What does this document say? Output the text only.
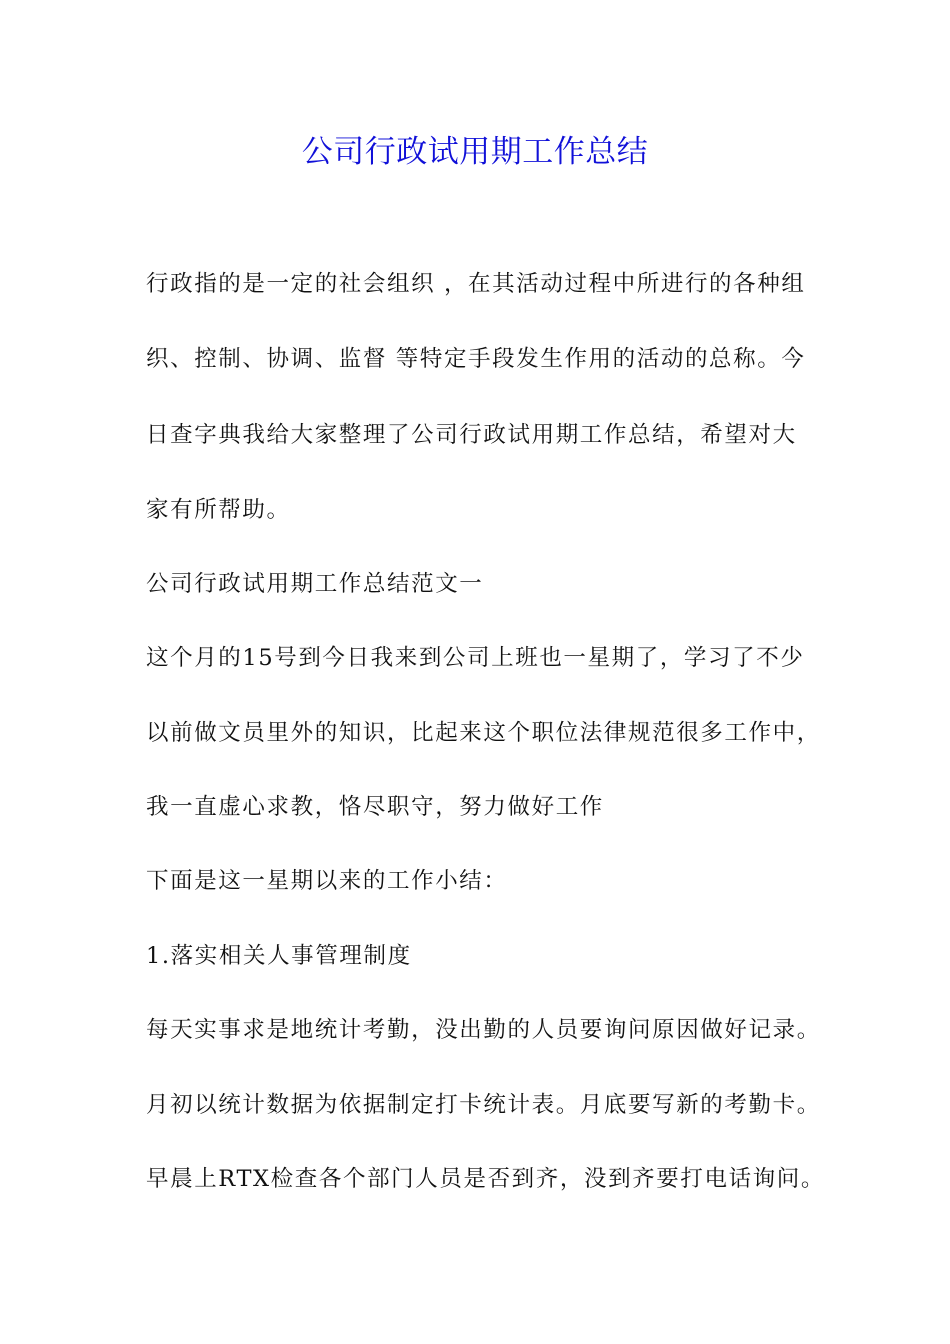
公司行政试用期工作总结
行政指的是一定的社会组织 ，在其活动过程中所进行的各种组
织、控制、协调、监督 等特定手段发生作用的活动的总称。今
日查字典我给大家整理了公司行政试用期工作总结，希望对大
家有所帮助。
公司行政试用期工作总结范文一
这个月的15号到今日我来到公司上班也一星期了，学习了不少
以前做文员里外的知识，比起来这个职位法律规范很多工作中，
我一直虚心求教，恪尽职守，努力做好工作
下面是这一星期以来的工作小结：
1.落实相关人事管理制度
每天实事求是地统计考勤，没出勤的人员要询问原因做好记录。
月初以统计数据为依据制定打卡统计表。月底要写新的考勤卡。
早晨上RTX检查各个部门人员是否到齐，没到齐要打电话询问。
